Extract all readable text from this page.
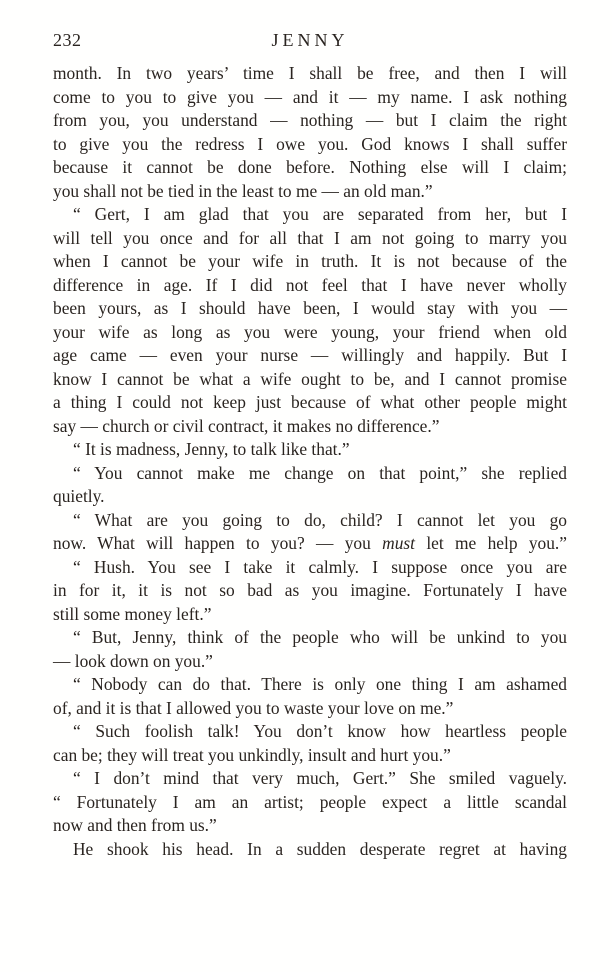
232	JENNY
month. In two years’ time I shall be free, and then I will
come to you to give you — and it — my name. I ask nothing
from you, you understand — nothing — but I claim the right
to give you the redress I owe you. God knows I shall suffer
because it cannot be done before. Nothing else will I claim;
you shall not be tied in the least to me — an old man.”
“ Gert, I am glad that you are separated from her, but I
will tell you once and for all that I am not going to marry you
when I cannot be your wife in truth. It is not because of the
difference in age. If I did not feel that I have never wholly
been yours, as I should have been, I would stay with you —
your wife as long as you were young, your friend when old
age came — even your nurse — willingly and happily. But I
know I cannot be what a wife ought to be, and I cannot promise
a thing I could not keep just because of what other people might
say — church or civil contract, it makes no difference.”
“ It is madness, Jenny, to talk like that.”
“ You cannot make me change on that point,” she replied
quietly.
“ What are you going to do, child? I cannot let you go
now. What will happen to you? — you must let me help you.”
“ Hush. You see I take it calmly. I suppose once you are
in for it, it is not so bad as you imagine. Fortunately I have
still some money left.”
“ But, Jenny, think of the people who will be unkind to you
— look down on you.”
“ Nobody can do that. There is only one thing I am ashamed
of, and it is that I allowed you to waste your love on me.”
“ Such foolish talk! You don’t know how heartless people
can be; they will treat you unkindly, insult and hurt you.”
“ I don’t mind that very much, Gert.” She smiled vaguely.
“ Fortunately I am an artist; people expect a little scandal
now and then from us.”
He shook his head. In a sudden desperate regret at having
